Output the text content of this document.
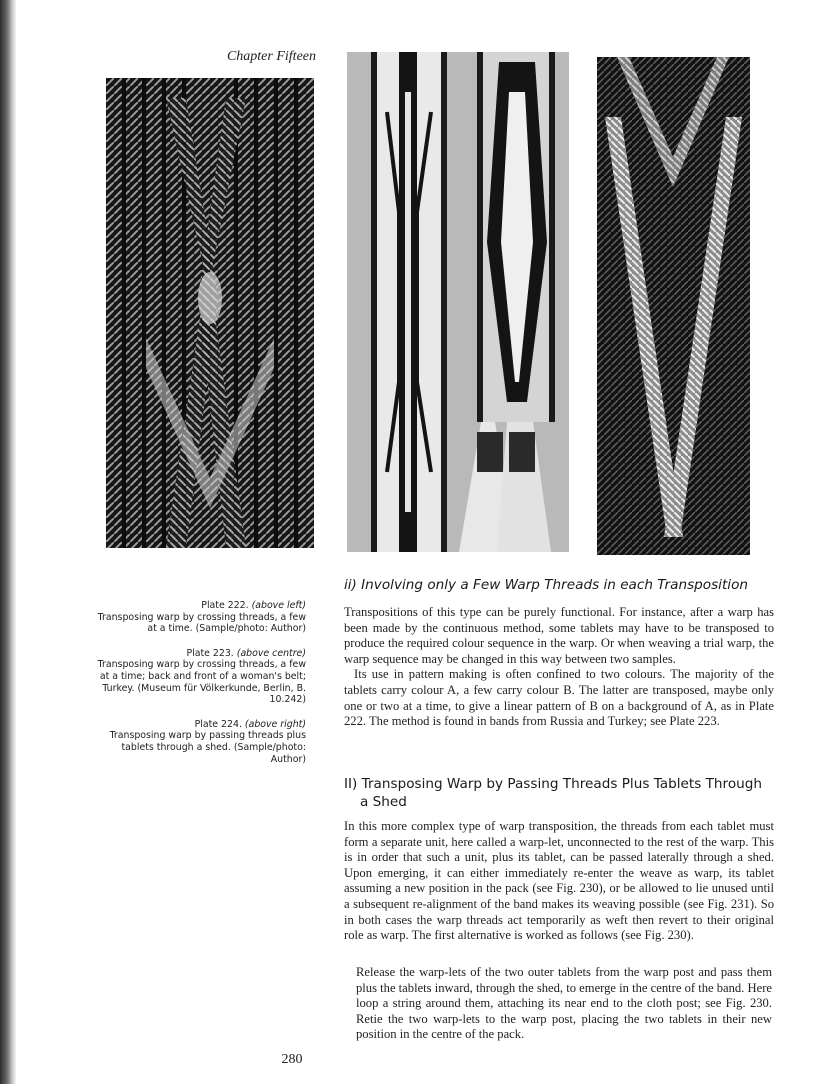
Chapter Fifteen
Plate 222. (above left)
Transposing warp by crossing threads, a few at a time. (Sample/photo: Author)
Plate 223. (above centre)
Transposing warp by crossing threads, a few at a time; back and front of a woman's belt; Turkey. (Museum für Völkerkunde, Berlin, B. 10.242)
Plate 224. (above right)
Transposing warp by passing threads plus tablets through a shed. (Sample/photo: Author)
ii) Involving only a Few Warp Threads in each Transposition

Transpositions of this type can be purely functional. For instance, after a warp has been made by the continuous method, some tablets may have to be transposed to produce the required colour sequence in the warp. Or when weaving a trial warp, the warp sequence may be changed in this way between two samples.

Its use in pattern making is often confined to two colours. The majority of the tablets carry colour A, a few carry colour B. The latter are transposed, maybe only one or two at a time, to give a linear pattern of B on a background of A, as in Plate 222. The method is found in bands from Russia and Turkey; see Plate 223.

II) Transposing Warp by Passing Threads Plus Tablets Through
a Shed

In this more complex type of warp transposition, the threads from each tablet must form a separate unit, here called a warp-let, unconnected to the rest of the warp. This is in order that such a unit, plus its tablet, can be passed laterally through a shed. Upon emerging, it can either immediately re-enter the weave as warp, its tablet assuming a new position in the pack (see Fig. 230), or be allowed to lie unused until a subsequent re-alignment of the band makes its weaving possible (see Fig. 231). So in both cases the warp threads act temporarily as weft then revert to their original role as warp. The first alternative is worked as follows (see Fig. 230).

Release the warp-lets of the two outer tablets from the warp post and pass them plus the tablets inward, through the shed, to emerge in the centre of the band. Here loop a string around them, attaching its near end to the cloth post; see Fig. 230. Retie the two warp-lets to the warp post, placing the two tablets in their new position in the centre of the pack.

280
